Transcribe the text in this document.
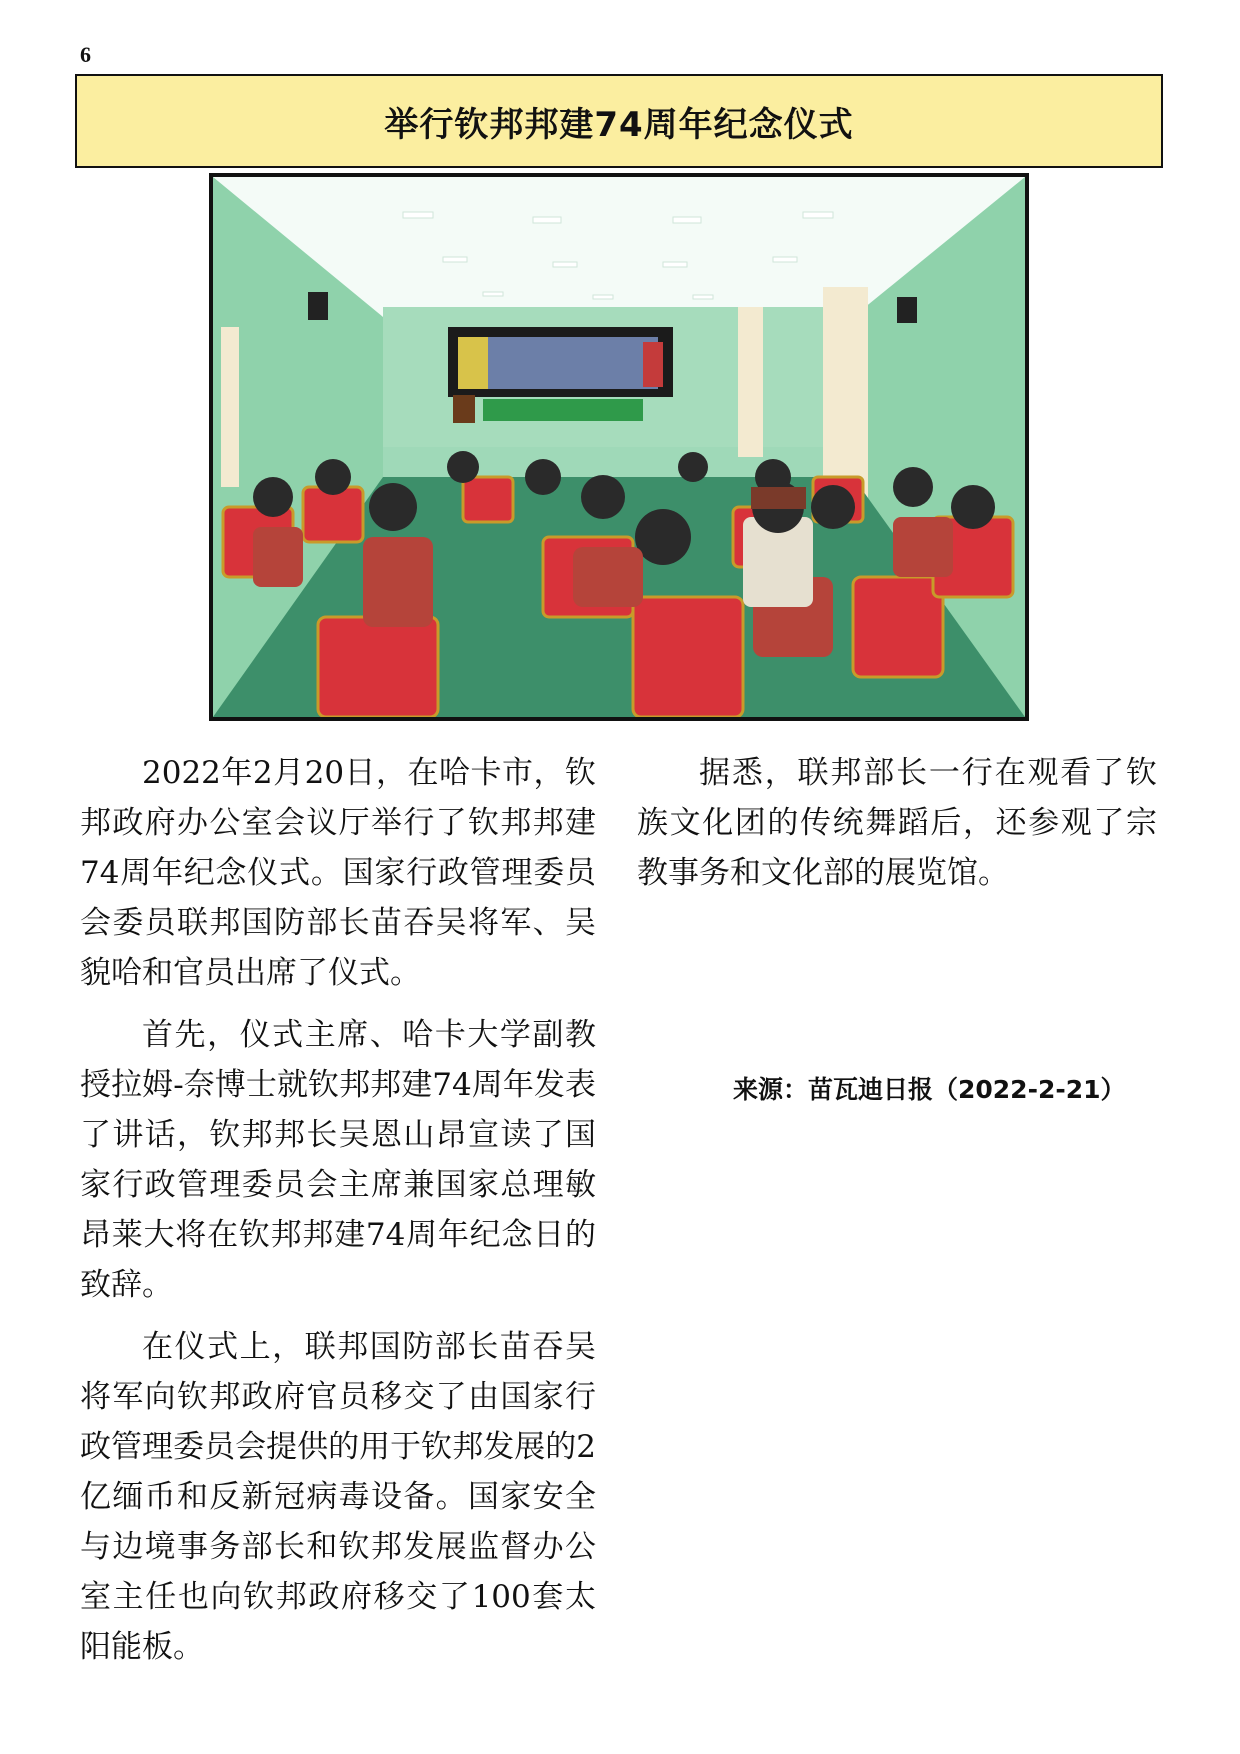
6
举行钦邦邦建74周年纪念仪式

2022年2月20日，在哈卡市，钦邦政府办公室会议厅举行了钦邦邦建74周年纪念仪式。国家行政管理委员会委员联邦国防部长苗吞吴将军、吴貌哈和官员出席了仪式。

首先，仪式主席、哈卡大学副教授拉姆-奈博士就钦邦邦建74周年发表了讲话，钦邦邦长吴恩山昂宣读了国家行政管理委员会主席兼国家总理敏昂莱大将在钦邦邦建74周年纪念日的致辞。

在仪式上，联邦国防部长苗吞吴将军向钦邦政府官员移交了由国家行政管理委员会提供的用于钦邦发展的2亿缅币和反新冠病毒设备。国家安全与边境事务部长和钦邦发展监督办公室主任也向钦邦政府移交了100套太阳能板。

据悉，联邦部长一行在观看了钦族文化团的传统舞蹈后，还参观了宗教事务和文化部的展览馆。

来源：苗瓦迪日报（2022-2-21）
